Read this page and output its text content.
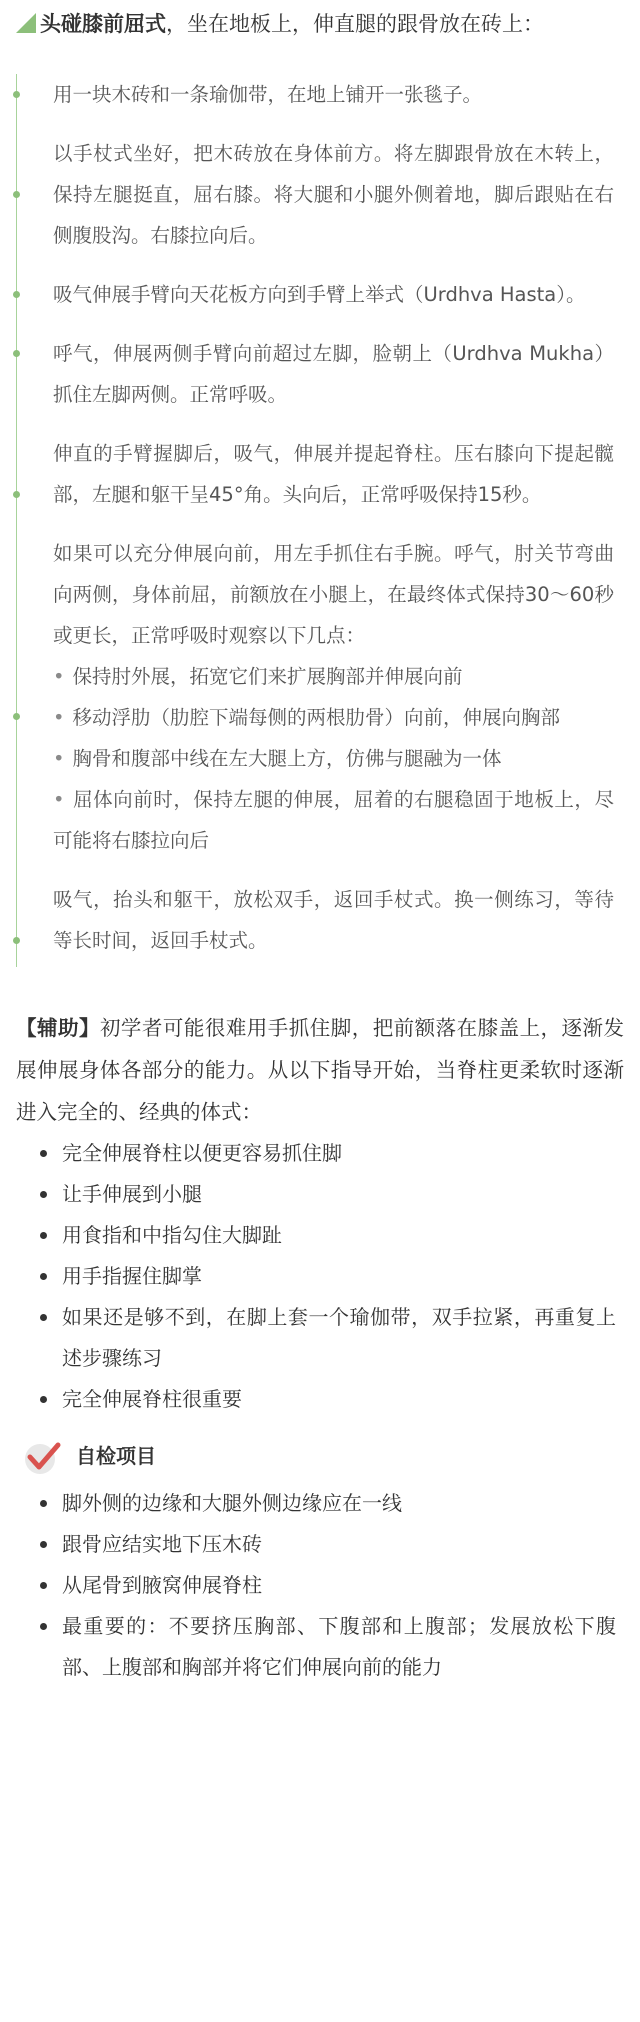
头碰膝前屈式，坐在地板上，伸直腿的跟骨放在砖上：
用一块木砖和一条瑜伽带，在地上铺开一张毯子。
以手杖式坐好，把木砖放在身体前方。将左脚跟骨放在木转上，保持左腿挺直，屈右膝。将大腿和小腿外侧着地，脚后跟贴在右侧腹股沟。右膝拉向后。
吸气伸展手臂向天花板方向到手臂上举式（Urdhva Hasta）。
呼气，伸展两侧手臂向前超过左脚，脸朝上（Urdhva Mukha）抓住左脚两侧。正常呼吸。
伸直的手臂握脚后，吸气，伸展并提起脊柱。压右膝向下提起髋部，左腿和躯干呈45°角。头向后，正常呼吸保持15秒。
如果可以充分伸展向前，用左手抓住右手腕。呼气，肘关节弯曲向两侧，身体前屈，前额放在小腿上，在最终体式保持30～60秒或更长，正常呼吸时观察以下几点：
• 保持肘外展，拓宽它们来扩展胸部并伸展向前
• 移动浮肋（肋腔下端每侧的两根肋骨）向前，伸展向胸部
• 胸骨和腹部中线在左大腿上方，仿佛与腿融为一体
• 屈体向前时，保持左腿的伸展，屈着的右腿稳固于地板上，尽可能将右膝拉向后
吸气，抬头和躯干，放松双手，返回手杖式。换一侧练习，等待等长时间，返回手杖式。
【辅助】初学者可能很难用手抓住脚，把前额落在膝盖上，逐渐发展伸展身体各部分的能力。从以下指导开始，当脊柱更柔软时逐渐进入完全的、经典的体式：
完全伸展脊柱以便更容易抓住脚
让手伸展到小腿
用食指和中指勾住大脚趾
用手指握住脚掌
如果还是够不到，在脚上套一个瑜伽带，双手拉紧，再重复上述步骤练习
完全伸展脊柱很重要
自检项目
脚外侧的边缘和大腿外侧边缘应在一线
跟骨应结实地下压木砖
从尾骨到腋窝伸展脊柱
最重要的：不要挤压胸部、下腹部和上腹部；发展放松下腹部、上腹部和胸部并将它们伸展向前的能力
